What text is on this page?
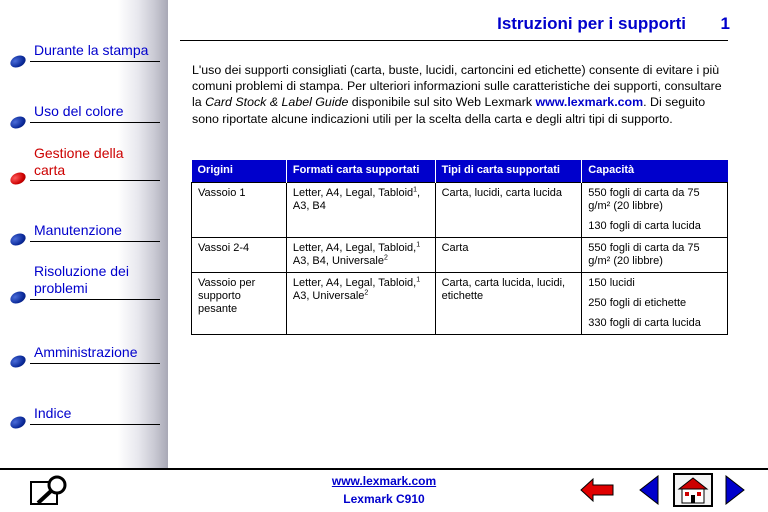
Durante la stampa
Uso del colore
Gestione della carta
Manutenzione
Risoluzione dei problemi
Amministrazione
Indice
Istruzioni per i supporti	1

L'uso dei supporti consigliati (carta, buste, lucidi, cartoncini ed etichette) consente di evitare i più comuni problemi di stampa. Per ulteriori informazioni sulle caratteristiche dei supporti, consultare la Card Stock & Label Guide disponibile sul sito Web Lexmark www.lexmark.com. Di seguito sono riportate alcune indicazioni utili per la scelta della carta e degli altri tipi di supporto.

Origini	Formati carta supportati	Tipi di carta supportati	Capacità
Vassoio 1	Letter, A4, Legal, Tabloid$^1$, A3, B4	Carta, lucidi, carta lucida	550 fogli di carta da 75 g/m² (20 libbre)

130 fogli di carta lucida

Vassoi 2-4	Letter, A4, Legal, Tabloid,$^1$ A3, B4, Universale$^2$	Carta	550 fogli di carta da 75 g/m² (20 libbre)

Vassoio per supporto pesante	Letter, A4, Legal, Tabloid,$^1$ A3, Universale$^2$	Carta, carta lucida, lucidi, etichette	150 lucidi

250 fogli di etichette

330 fogli di carta lucida

www.lexmark.com
Lexmark C910
